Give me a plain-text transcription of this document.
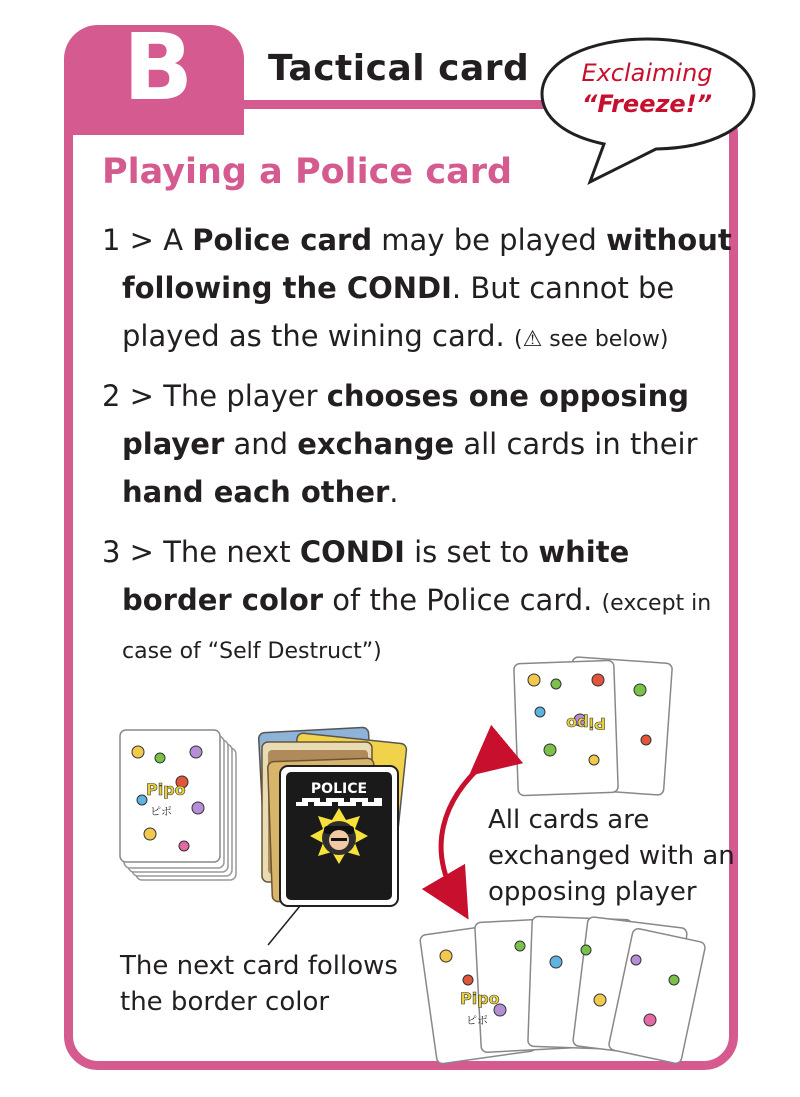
B Tactical card	Exclaiming
“Freeze!”
Playing a Police card
1 > A Police card may be played without
following the CONDI. But cannot be
played as the wining card. (⚠ see below)
2 > The player chooses one opposing
player and exchange all cards in their
hand each other.
3 > The next CONDI is set to white
border color of the Police card. (except in
case of “Self Destruct”)
Pipo
ピポ
POLICE
Pipo
Pipo
ピポ
All cards are
exchanged with an
opposing player
The next card follows
the border color
